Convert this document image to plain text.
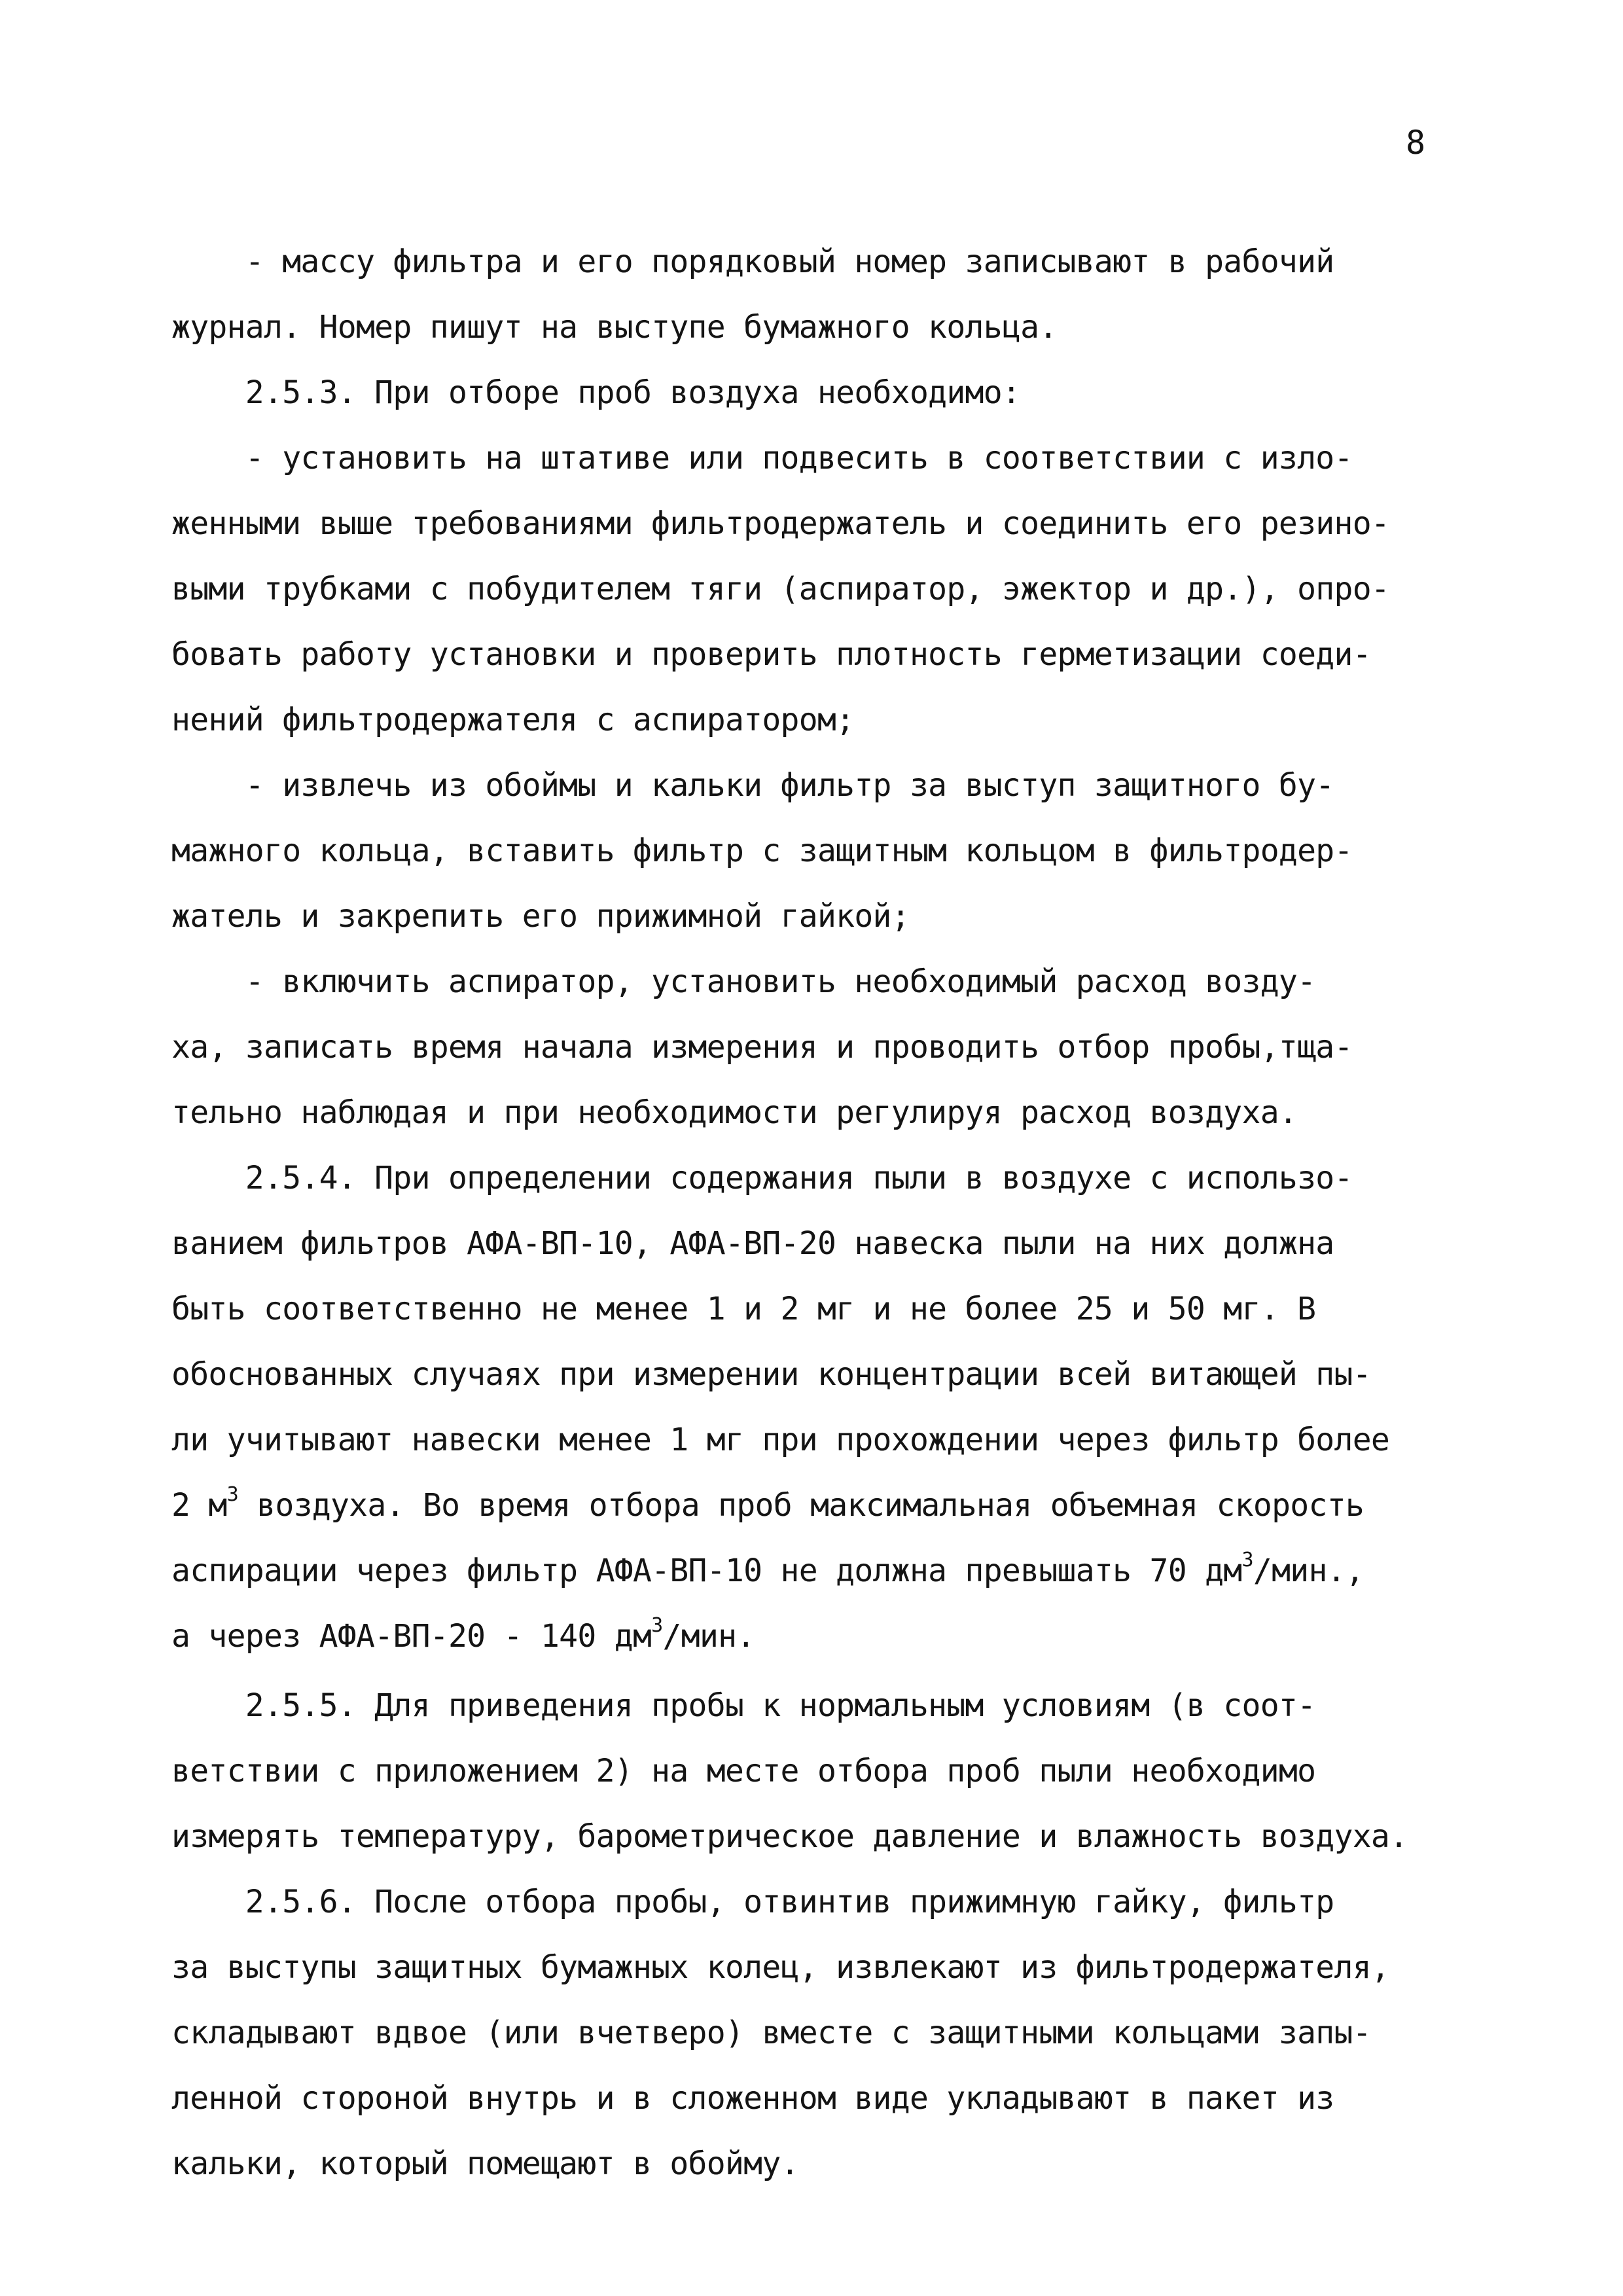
8
- массу фильтра и его порядковый номер записывают в рабочий
журнал. Номер пишут на выступе бумажного кольца.
2.5.3. При отборе проб воздуха необходимо:
- установить на штативе или подвесить в соответствии с изло-
женными выше требованиями фильтродержатель и соединить его резино-
выми трубками с побудителем тяги (аспиратор, эжектор и др.), опро-
бовать работу установки и проверить плотность герметизации соеди-
нений фильтродержателя с аспиратором;
- извлечь из обоймы и кальки фильтр за выступ защитного бу-
мажного кольца, вставить фильтр с защитным кольцом в фильтродер-
жатель и закрепить его прижимной гайкой;
- включить аспиратор, установить необходимый расход возду-
ха, записать время начала измерения и проводить отбор пробы,тща-
тельно наблюдая и при необходимости регулируя расход воздуха.
2.5.4. При определении содержания пыли в воздухе с использо-
ванием фильтров АФА-ВП-10, АФА-ВП-20 навеска пыли на них должна
быть соответственно не менее 1 и 2 мг и не более 25 и 50 мг. В
обоснованных случаях при измерении концентрации всей витающей пы-
ли учитывают навески менее 1 мг при прохождении через фильтр более
2 $м^3$ воздуха. Во время отбора проб максимальная объемная скорость
аспирации через фильтр АФА-ВП-10 не должна превышать 70 $дм^3$/мин.,
а через АФА-ВП-20 - 140 $дм^3$/мин.
2.5.5. Для приведения пробы к нормальным условиям (в соот-
ветствии с приложением 2) на месте отбора проб пыли необходимо
измерять температуру, барометрическое давление и влажность воздуха.
2.5.6. После отбора пробы, отвинтив прижимную гайку, фильтр
за выступы защитных бумажных колец, извлекают из фильтродержателя,
складывают вдвое (или вчетверо) вместе с защитными кольцами запы-
ленной стороной внутрь и в сложенном виде укладывают в пакет из
кальки, который помещают в обойму.
